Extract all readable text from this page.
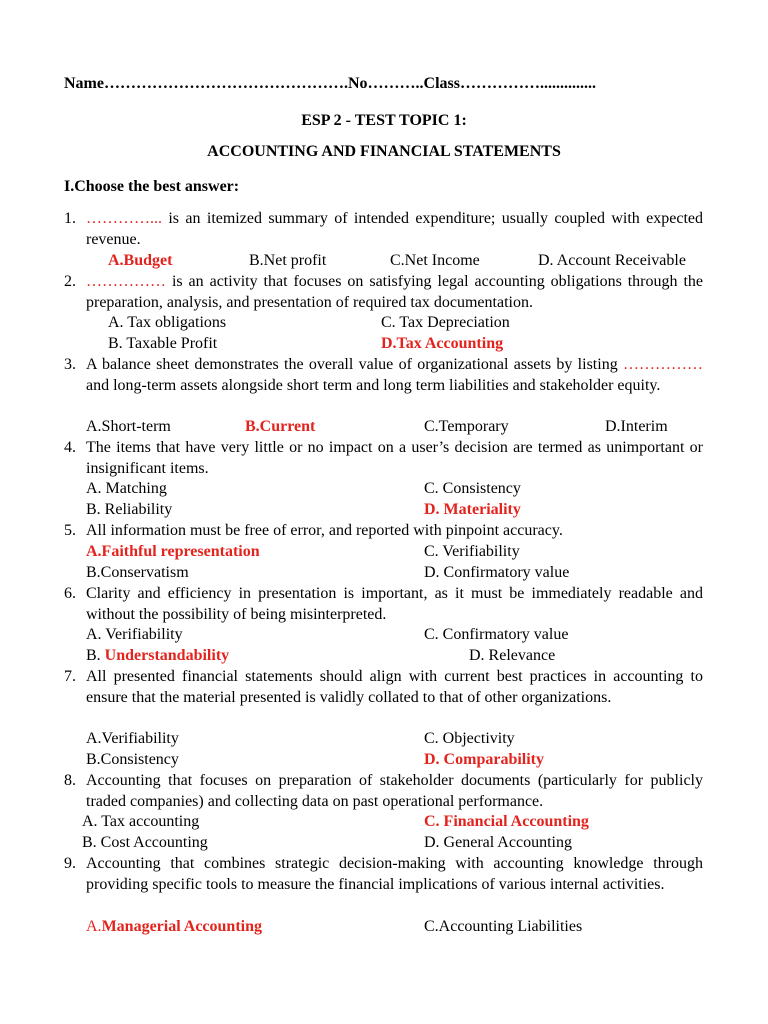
Name……………………………………….No………..Class……………..............
ESP 2 - TEST TOPIC 1:
ACCOUNTING AND FINANCIAL STATEMENTS
I.Choose the best answer:
1. …………... is an itemized summary of intended expenditure; usually coupled with expected revenue.
A.Budget	B.Net profit	C.Net Income	D. Account Receivable
2. …………… is an activity that focuses on satisfying legal accounting obligations through the preparation, analysis, and presentation of required tax documentation.
A. Tax obligations	C. Tax Depreciation
B. Taxable Profit	D.Tax Accounting
3. A balance sheet demonstrates the overall value of organizational assets by listing …………… and long-term assets alongside short term and long term liabilities and stakeholder equity.
A.Short-term	B.Current	C.Temporary	D.Interim
4. The items that have very little or no impact on a user’s decision are termed as unimportant or insignificant items.
A. Matching	C. Consistency
B. Reliability	D. Materiality
5. All information must be free of error, and reported with pinpoint accuracy.
A.Faithful representation	C. Verifiability
B.Conservatism	D. Confirmatory value
6. Clarity and efficiency in presentation is important, as it must be immediately readable and without the possibility of being misinterpreted.
A. Verifiability	C. Confirmatory value
B. Understandability	D. Relevance
7. All presented financial statements should align with current best practices in accounting to ensure that the material presented is validly collated to that of other organizations.
A.Verifiability	C. Objectivity
B.Consistency	D. Comparability
8. Accounting that focuses on preparation of stakeholder documents (particularly for publicly traded companies) and collecting data on past operational performance.
A. Tax accounting	C. Financial Accounting
B. Cost Accounting	D. General Accounting
9. Accounting that combines strategic decision-making with accounting knowledge through providing specific tools to measure the financial implications of various internal activities.
A.Managerial Accounting	C.Accounting Liabilities
